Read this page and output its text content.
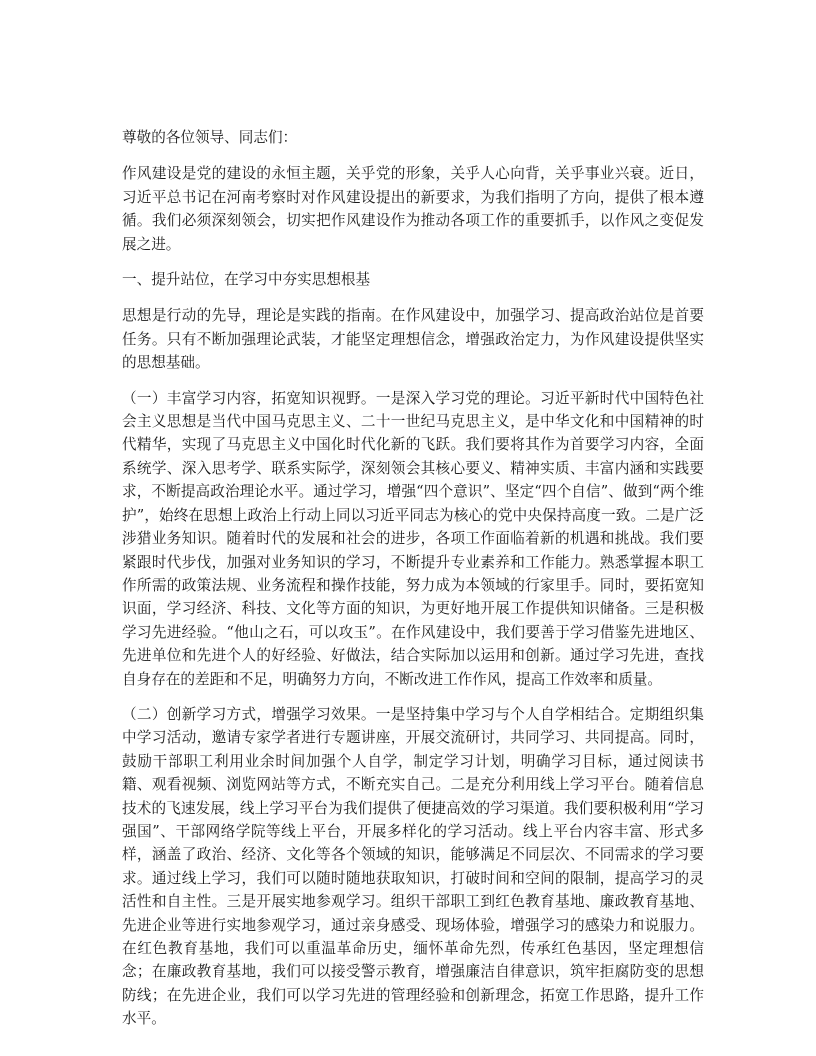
尊敬的各位领导、同志们：

作风建设是党的建设的永恒主题，关乎党的形象，关乎人心向背，关乎事业兴衰。近日，习近平总书记在河南考察时对作风建设提出的新要求，为我们指明了方向，提供了根本遵循。我们必须深刻领会，切实把作风建设作为推动各项工作的重要抓手，以作风之变促发展之进。

一、提升站位，在学习中夯实思想根基

思想是行动的先导，理论是实践的指南。在作风建设中，加强学习、提高政治站位是首要任务。只有不断加强理论武装，才能坚定理想信念，增强政治定力，为作风建设提供坚实的思想基础。

（一）丰富学习内容，拓宽知识视野。一是深入学习党的理论。习近平新时代中国特色社会主义思想是当代中国马克思主义、二十一世纪马克思主义，是中华文化和中国精神的时代精华，实现了马克思主义中国化时代化新的飞跃。我们要将其作为首要学习内容，全面系统学、深入思考学、联系实际学，深刻领会其核心要义、精神实质、丰富内涵和实践要求，不断提高政治理论水平。通过学习，增强“四个意识”、坚定“四个自信”、做到“两个维护”，始终在思想上政治上行动上同以习近平同志为核心的党中央保持高度一致。二是广泛涉猎业务知识。随着时代的发展和社会的进步，各项工作面临着新的机遇和挑战。我们要紧跟时代步伐，加强对业务知识的学习，不断提升专业素养和工作能力。熟悉掌握本职工作所需的政策法规、业务流程和操作技能，努力成为本领域的行家里手。同时，要拓宽知识面，学习经济、科技、文化等方面的知识，为更好地开展工作提供知识储备。三是积极学习先进经验。“他山之石，可以攻玉”。在作风建设中，我们要善于学习借鉴先进地区、先进单位和先进个人的好经验、好做法，结合实际加以运用和创新。通过学习先进，查找自身存在的差距和不足，明确努力方向，不断改进工作作风，提高工作效率和质量。

（二）创新学习方式，增强学习效果。一是坚持集中学习与个人自学相结合。定期组织集中学习活动，邀请专家学者进行专题讲座，开展交流研讨，共同学习、共同提高。同时，鼓励干部职工利用业余时间加强个人自学，制定学习计划，明确学习目标，通过阅读书籍、观看视频、浏览网站等方式，不断充实自己。二是充分利用线上学习平台。随着信息技术的飞速发展，线上学习平台为我们提供了便捷高效的学习渠道。我们要积极利用“学习强国”、干部网络学院等线上平台，开展多样化的学习活动。线上平台内容丰富、形式多样，涵盖了政治、经济、文化等各个领域的知识，能够满足不同层次、不同需求的学习要求。通过线上学习，我们可以随时随地获取知识，打破时间和空间的限制，提高学习的灵活性和自主性。三是开展实地参观学习。组织干部职工到红色教育基地、廉政教育基地、先进企业等进行实地参观学习，通过亲身感受、现场体验，增强学习的感染力和说服力。在红色教育基地，我们可以重温革命历史，缅怀革命先烈，传承红色基因，坚定理想信念；在廉政教育基地，我们可以接受警示教育，增强廉洁自律意识，筑牢拒腐防变的思想防线；在先进企业，我们可以学习先进的管理经验和创新理念，拓宽工作思路，提升工作水平。
